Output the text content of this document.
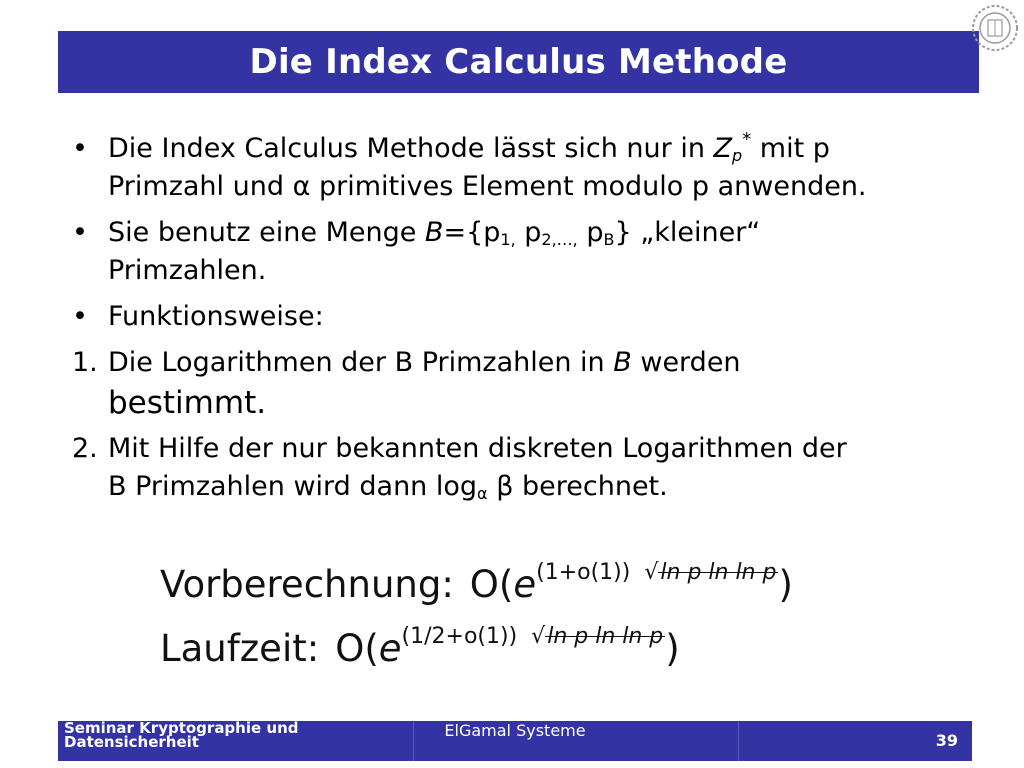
Die Index Calculus Methode
• Die Index Calculus Methode lässt sich nur in $Z_p^*$ mit p
Primzahl und α primitives Element modulo p anwenden.
• Sie benutz eine Menge $B=\{p_{1,}$ $p_{2,\dots,}$ $p_B$} „kleiner“
Primzahlen.
• Funktionsweise:
1. Die Logarithmen der B Primzahlen in B werden
bestimmt.
2. Mit Hilfe der nur bekannten diskreten Logarithmen der
B Primzahlen wird dann $\log_\alpha \beta$ berechnet.
Vorberechnung: $O(e^{(1+o(1)) √ln p ln ln p})$
Laufzeit: $O(e^{(1/2+o(1)) √ln p ln ln p})$
Seminar Kryptographie und
Datensicherheit
ElGamal Systeme
39
